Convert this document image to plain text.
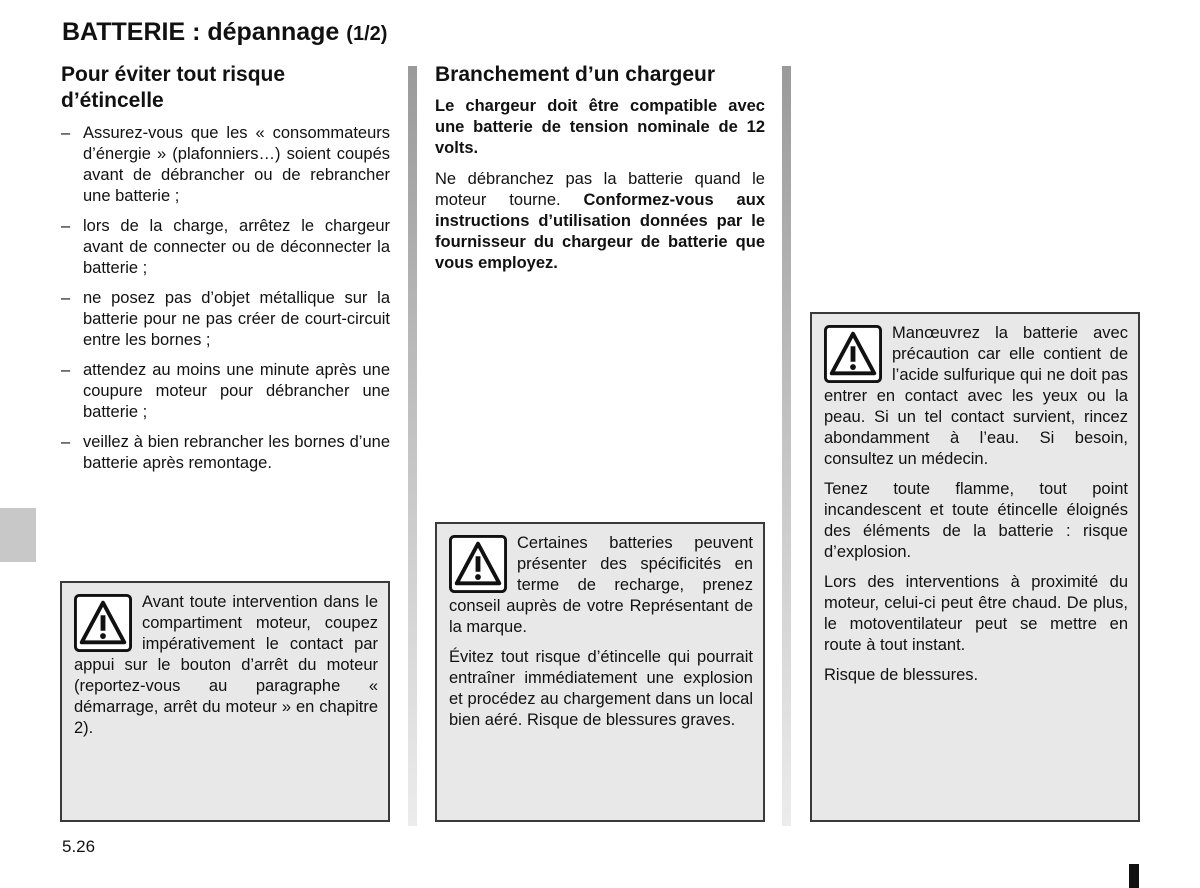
BATTERIE : dépannage (1/2)
Pour éviter tout risque d’étincelle
– Assurez-vous que les « consommateurs d’énergie » (plafonniers…) soient coupés avant de débrancher ou de rebrancher une batterie ;
– lors de la charge, arrêtez le chargeur avant de connecter ou de déconnecter la batterie ;
– ne posez pas d’objet métallique sur la batterie pour ne pas créer de court-circuit entre les bornes ;
– attendez au moins une minute après une coupure moteur pour débrancher une batterie ;
– veillez à bien rebrancher les bornes d’une batterie après remontage.

Avant toute intervention dans le compartiment moteur, coupez impérativement le contact par appui sur le bouton d’arrêt du moteur (reportez-vous au paragraphe « démarrage, arrêt du moteur » en chapitre 2).

Branchement d’un chargeur

Le chargeur doit être compatible avec une batterie de tension nominale de 12 volts.

Ne débranchez pas la batterie quand le moteur tourne. Conformez-vous aux instructions d’utilisation données par le fournisseur du chargeur de batterie que vous employez.

Certaines batteries peuvent présenter des spécificités en terme de recharge, prenez conseil auprès de votre Représentant de la marque.

Évitez tout risque d’étincelle qui pourrait entraîner immédiatement une explosion et procédez au chargement dans un local bien aéré. Risque de blessures graves.

Manœuvrez la batterie avec précaution car elle contient de l’acide sulfurique qui ne doit pas entrer en contact avec les yeux ou la peau. Si un tel contact survient, rincez abondamment à l’eau. Si besoin, consultez un médecin.

Tenez toute flamme, tout point incandescent et toute étincelle éloignés des éléments de la batterie : risque d’explosion.

Lors des interventions à proximité du moteur, celui-ci peut être chaud. De plus, le motoventilateur peut se mettre en route à tout instant.

Risque de blessures.

5.26
